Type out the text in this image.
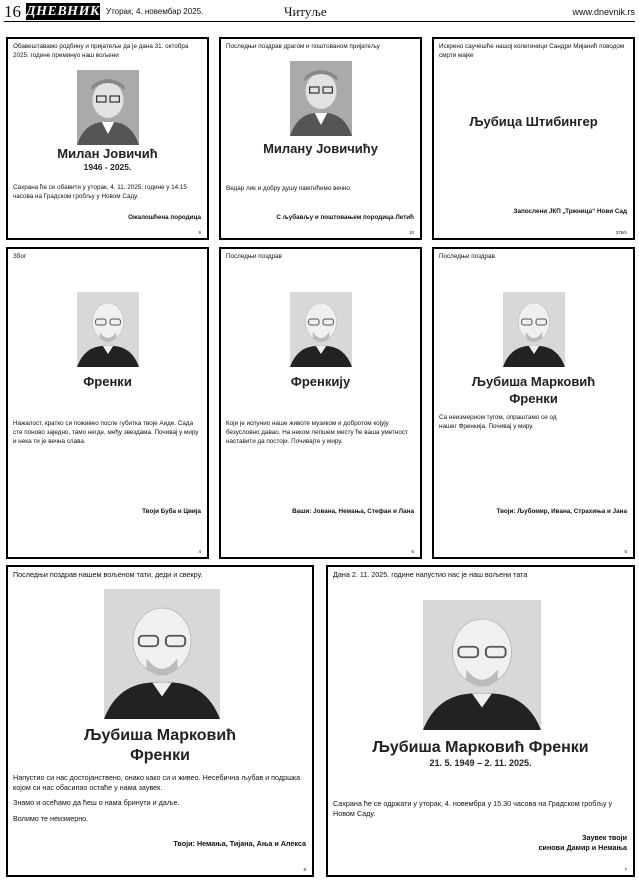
16 ДНЕВНИК Уторак, 4. новембар 2025.	Читуље	www.dnevnik.rs
Обавештавамо родбину и пријатеље да је дана 31. октобра 2025. године преминуо наш вољени
Милан Јовичић
1946 - 2025.

Сахрана ће се обавити у уторак, 4. 11. 2025. године у 14.15 часова на Градском гробљу у Новом Саду.

Ожалошћена породица
9
Последњи поздрав драгом и поштованом пријатељу
Милану Јовичићу

Ведар лик и добру душу памтићемо вечно.

С љубављу и поштовањем породица Летић
10
Искрено саучешће нашој колегиници Сандри Мијанић поводом смрти мајке
Љубица Штибингер
Запослени ЈКП „Тржница“ Нови Сад
376/п
Због
Френки

Нажалост, кратко си поживео после губитка твоје Аиде. Сада сте поново заједно, тамо негде, међу звездама. Почивај у миру и нека ти је вечна слава.

Твоји Буба и Цвија
4
Последњи поздрав
Френкију

Који је испунио наше животе музиком и добротом којују безусловно давао. На неком лепшем месту ће ваша уметност наставити да постоји. Почивајте у миру.

Ваши: Јована, Немања, Стефан и Лана
6
Последњи поздрав.
Љубиша Марковић
Френки

Са неизмерном тугом, опраштамо се од нашег Френкија. Почивај у миру.

Твоји: Љубомир, Ивана, Страхиња и Јана
5
Последњи поздрав нашем вољеном тати, деди и свекру.
Љубиша Марковић
Френки

Напустио си нас достојанствено, онако како си и живео. Несебична љубав и подршка којом си нас обасипао остаће у нама заувек.

Знамо и осећамо да ћеш о нама бринути и даље.

Волимо те неизмерно.

Твоји: Немања, Тијана, Ања и Алекса
8
Дана 2. 11. 2025. године напустио нас је наш вољени тата
Љубиша Марковић Френки
21. 5. 1949 – 2. 11. 2025.

Сахрана ће се одржати у уторак, 4. новембра у 15.30 часова на Градском гробљу у Новом Саду.

Заувек твоји
синови Дамир и Немања
7
